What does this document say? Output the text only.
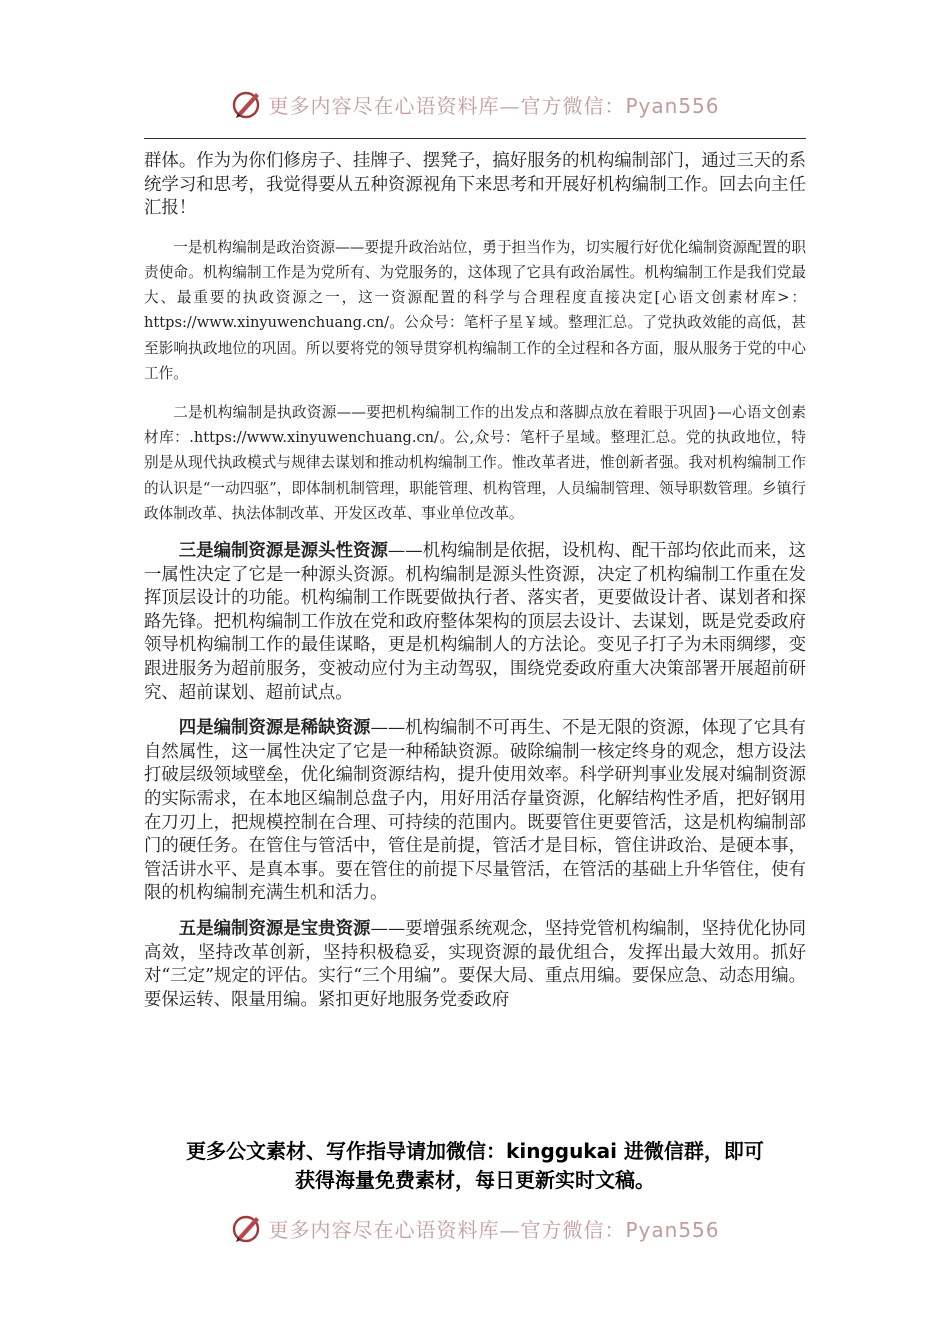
更多内容尽在心语资料库—官方微信：Pyan556

群体。作为为你们修房子、挂牌子、摆凳子，搞好服务的机构编制部门，通过三天的系统学习和思考，我觉得要从五种资源视角下来思考和开展好机构编制工作。回去向主任汇报！

一是机构编制是政治资源——要提升政治站位，勇于担当作为，切实履行好优化编制资源配置的职责使命。机构编制工作是为党所有、为党服务的，这体现了它具有政治属性。机构编制工作是我们党最大、最重要的执政资源之一，这一资源配置的科学与合理程度直接决定[心语文创素材库>：https://www.xinyuwenchuang.cn/。公众号：笔杆子星￥域。整理汇总。了党执政效能的高低，甚至影响执政地位的巩固。所以要将党的领导贯穿机构编制工作的全过程和各方面，服从服务于党的中心工作。

二是机构编制是执政资源——要把机构编制工作的出发点和落脚点放在着眼于巩固}—心语文创素材库：.https://www.xinyuwenchuang.cn/。公,众号：笔杆子星域。整理汇总。党的执政地位，特别是从现代执政模式与规律去谋划和推动机构编制工作。惟改革者进，惟创新者强。我对机构编制工作的认识是“一动四驱”，即体制机制管理，职能管理、机构管理，人员编制管理、领导职数管理。乡镇行政体制改革、执法体制改革、开发区改革、事业单位改革。

三是编制资源是源头性资源——机构编制是依据，设机构、配干部均依此而来，这一属性决定了它是一种源头资源。机构编制是源头性资源，决定了机构编制工作重在发挥顶层设计的功能。机构编制工作既要做执行者、落实者，更要做设计者、谋划者和探路先锋。把机构编制工作放在党和政府整体架构的顶层去设计、去谋划，既是党委政府领导机构编制工作的最佳谋略，更是机构编制人的方法论。变见子打子为未雨绸缪，变跟进服务为超前服务，变被动应付为主动驾驭，围绕党委政府重大决策部署开展超前研究、超前谋划、超前试点。

四是编制资源是稀缺资源——机构编制不可再生、不是无限的资源，体现了它具有自然属性，这一属性决定了它是一种稀缺资源。破除编制一核定终身的观念，想方设法打破层级领域壁垒，优化编制资源结构，提升使用效率。科学研判事业发展对编制资源的实际需求，在本地区编制总盘子内，用好用活存量资源，化解结构性矛盾，把好钢用在刀刃上，把规模控制在合理、可持续的范围内。既要管住更要管活，这是机构编制部门的硬任务。在管住与管活中，管住是前提，管活才是目标，管住讲政治、是硬本事，管活讲水平、是真本事。要在管住的前提下尽量管活，在管活的基础上升华管住，使有限的机构编制充满生机和活力。

五是编制资源是宝贵资源——要增强系统观念，坚持党管机构编制，坚持优化协同高效，坚持改革创新，坚持积极稳妥，实现资源的最优组合，发挥出最大效用。抓好对“三定”规定的评估。实行“三个用编”。要保大局、重点用编。要保应急、动态用编。要保运转、限量用编。紧扣更好地服务党委政府

更多公文素材、写作指导请加微信：kinggukai 进微信群，即可
获得海量免费素材，每日更新实时文稿。
更多内容尽在心语资料库—官方微信：Pyan556
